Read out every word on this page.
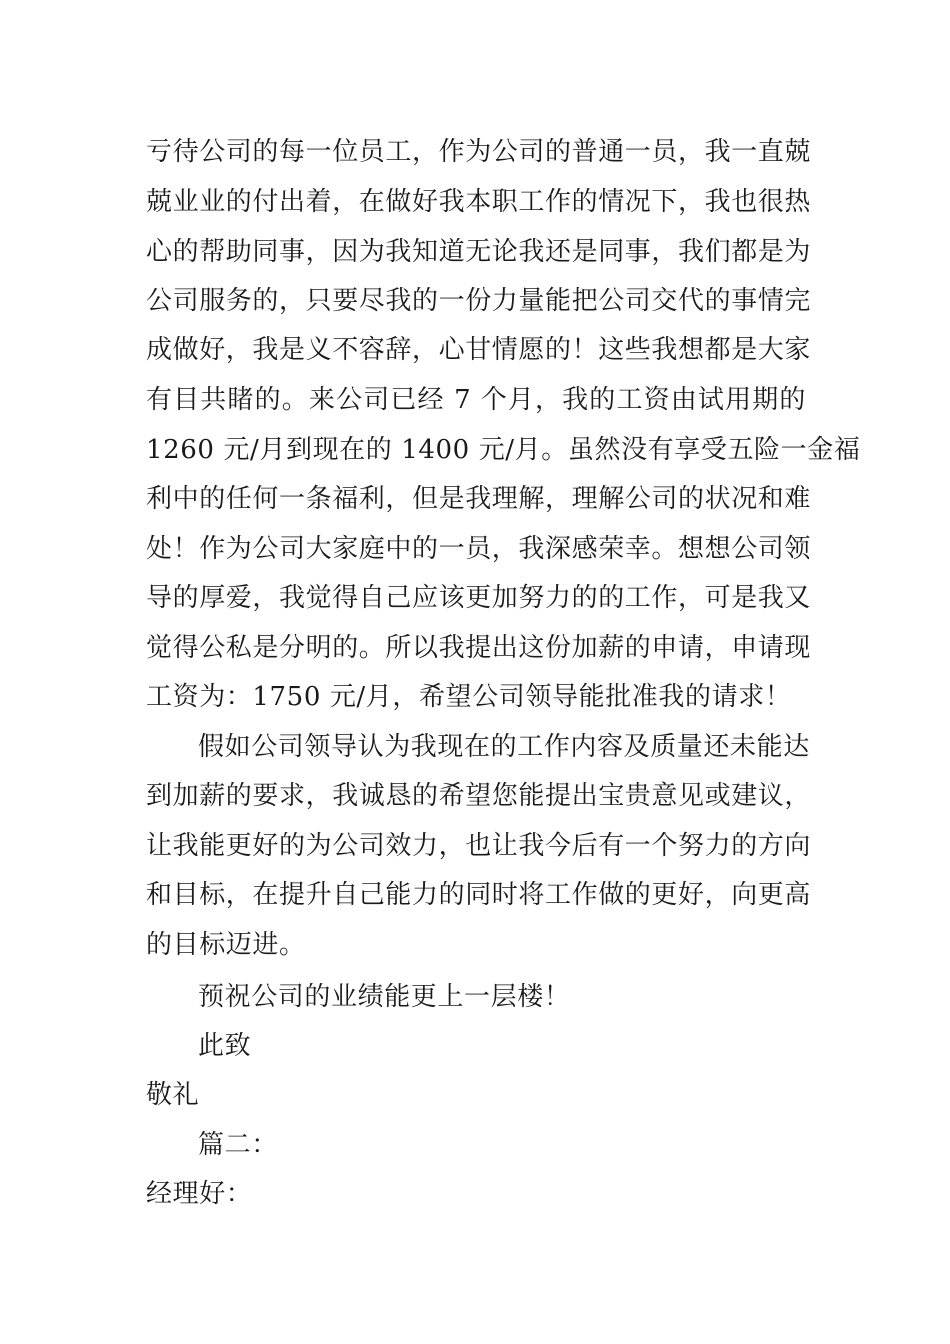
亏待公司的每一位员工，作为公司的普通一员，我一直兢
兢业业的付出着，在做好我本职工作的情况下，我也很热
心的帮助同事，因为我知道无论我还是同事，我们都是为
公司服务的，只要尽我的一份力量能把公司交代的事情完
成做好，我是义不容辞，心甘情愿的！这些我想都是大家
有目共睹的。来公司已经 7 个月，我的工资由试用期的
1260 元/月到现在的 1400 元/月。虽然没有享受五险一金福
利中的任何一条福利，但是我理解，理解公司的状况和难
处！作为公司大家庭中的一员，我深感荣幸。想想公司领
导的厚爱，我觉得自己应该更加努力的的工作，可是我又
觉得公私是分明的。所以我提出这份加薪的申请，申请现
工资为：1750 元/月，希望公司领导能批准我的请求！
假如公司领导认为我现在的工作内容及质量还未能达
到加薪的要求，我诚恳的希望您能提出宝贵意见或建议，
让我能更好的为公司效力，也让我今后有一个努力的方向
和目标，在提升自己能力的同时将工作做的更好，向更高
的目标迈进。
预祝公司的业绩能更上一层楼！
此致
敬礼
篇二：
经理好：
